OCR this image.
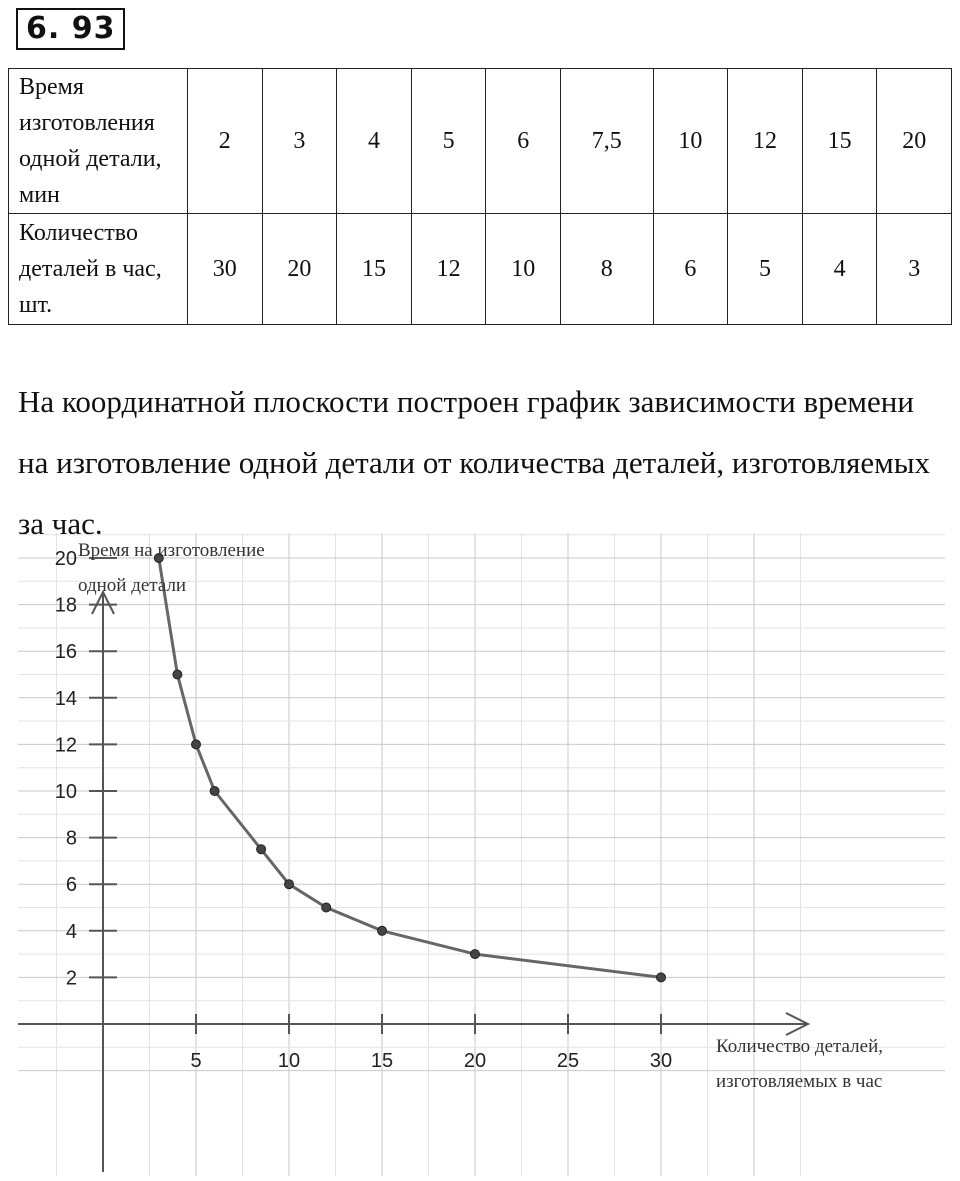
6. 93
Время изготовления одной детали, мин	2	3	4	5	6	7,5	10	12	15	20
Количество деталей в час, шт.	30	20	15	12	10	8	6	5	4	3

На координатной плоскости построен график зависимости времени на изготовление одной детали от количества деталей, изготовляемых за час.

5	10	15	20	25	30
2
4
6
8
10
12
14
16
18
20 Время на изготовление
одной детали
Количество деталей,
изготовляемых в час
